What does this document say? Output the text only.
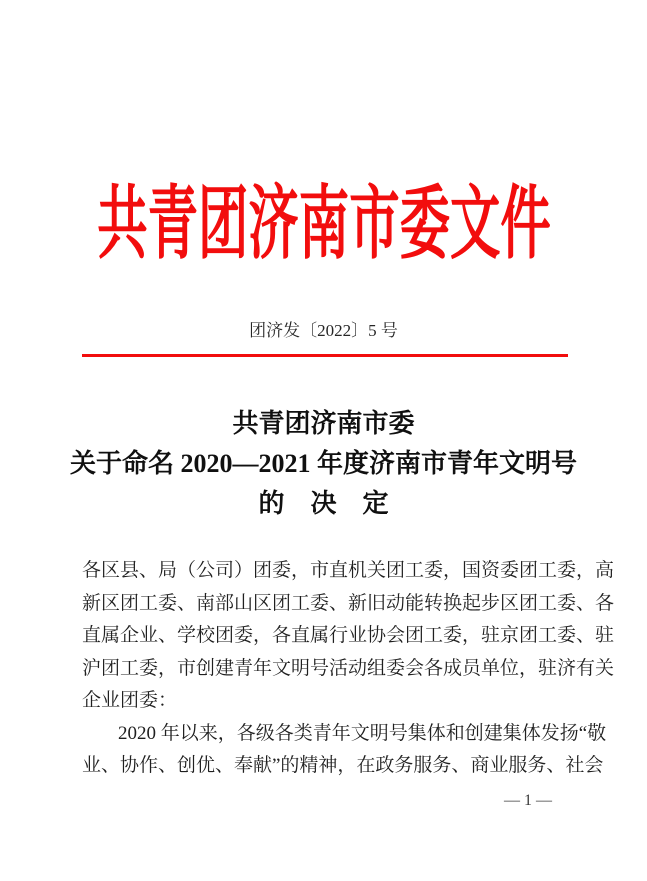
共青团济南市委文件
团济发〔2022〕5 号
共青团济南市委
关于命名 2020—2021 年度济南市青年文明号
的　决　定
各区县、局（公司）团委，市直机关团工委，国资委团工委，高
新区团工委、南部山区团工委、新旧动能转换起步区团工委、各
直属企业、学校团委，各直属行业协会团工委，驻京团工委、驻
沪团工委，市创建青年文明号活动组委会各成员单位，驻济有关
企业团委：
2020 年以来，各级各类青年文明号集体和创建集体发扬“敬
业、协作、创优、奉献”的精神，在政务服务、商业服务、社会
— 1 —
